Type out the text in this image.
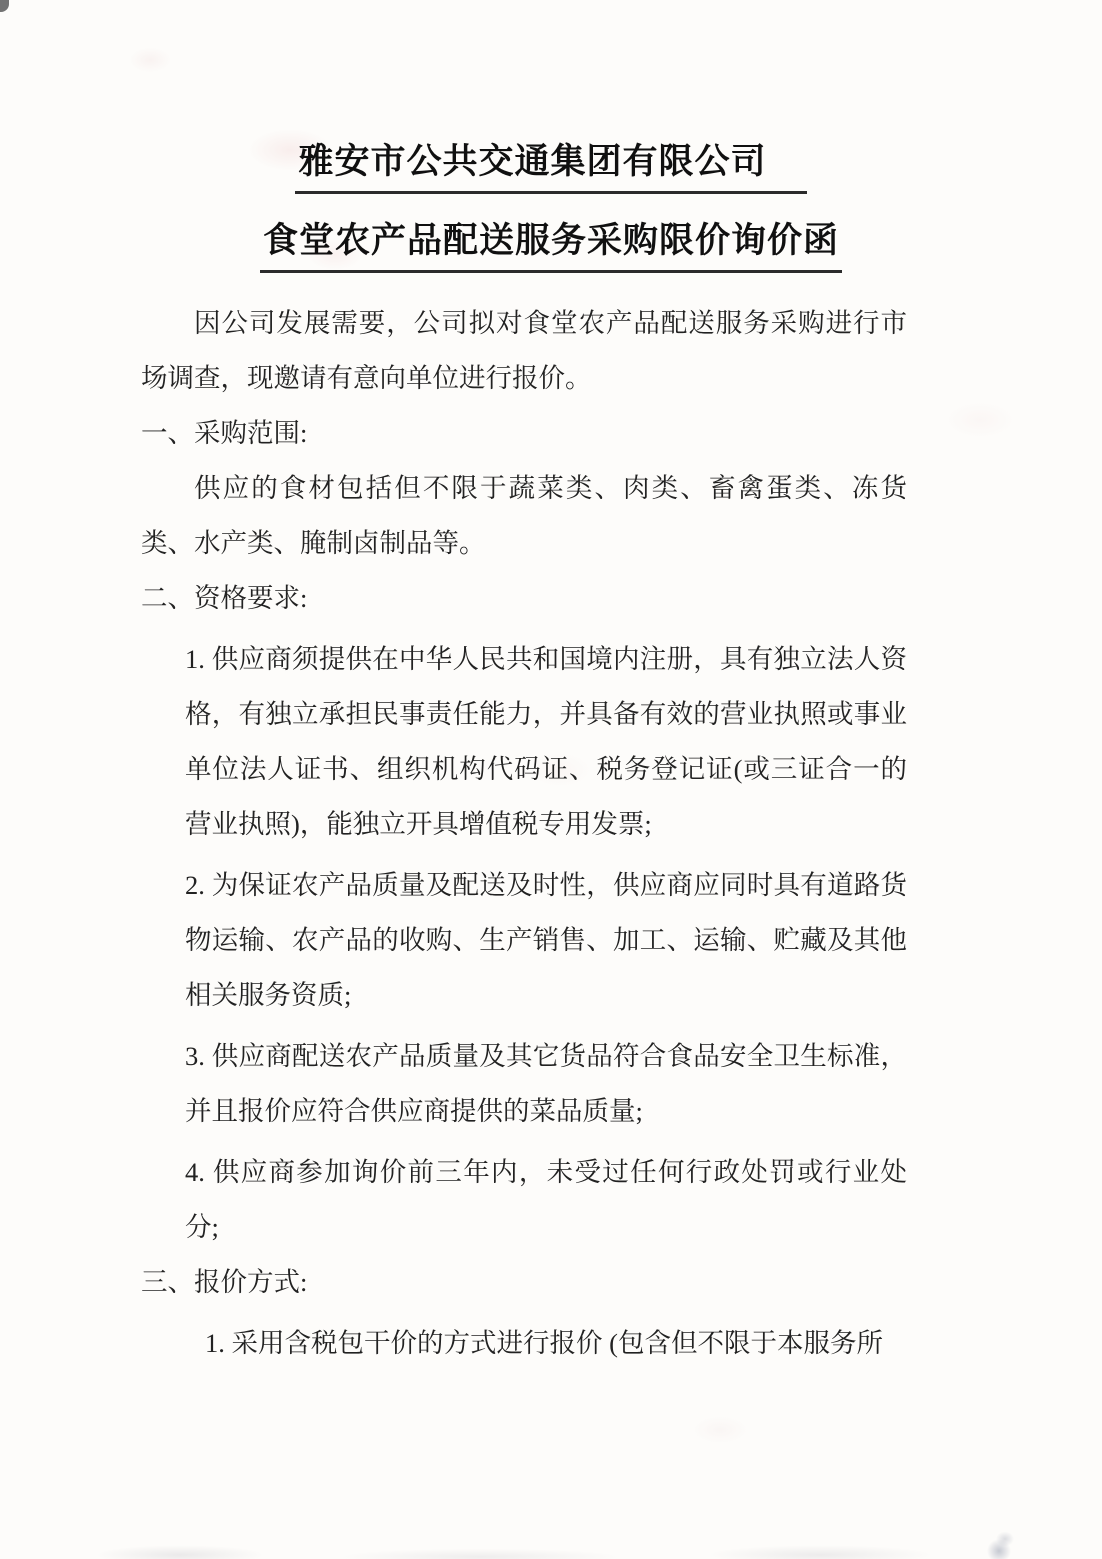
雅安市公共交通集团有限公司
食堂农产品配送服务采购限价询价函

因公司发展需要，公司拟对食堂农产品配送服务采购进行市场调查，现邀请有意向单位进行报价。

一、采购范围:

供应的食材包括但不限于蔬菜类、肉类、畜禽蛋类、冻货类、水产类、腌制卤制品等。

二、资格要求:

1. 供应商须提供在中华人民共和国境内注册，具有独立法人资格，有独立承担民事责任能力，并具备有效的营业执照或事业单位法人证书、组织机构代码证、税务登记证(或三证合一的营业执照)，能独立开具增值税专用发票;

2. 为保证农产品质量及配送及时性，供应商应同时具有道路货物运输、农产品的收购、生产销售、加工、运输、贮藏及其他相关服务资质;

3. 供应商配送农产品质量及其它货品符合食品安全卫生标准，并且报价应符合供应商提供的菜品质量;

4. 供应商参加询价前三年内，未受过任何行政处罚或行业处分;

三、报价方式:

1. 采用含税包干价的方式进行报价 (包含但不限于本服务所
